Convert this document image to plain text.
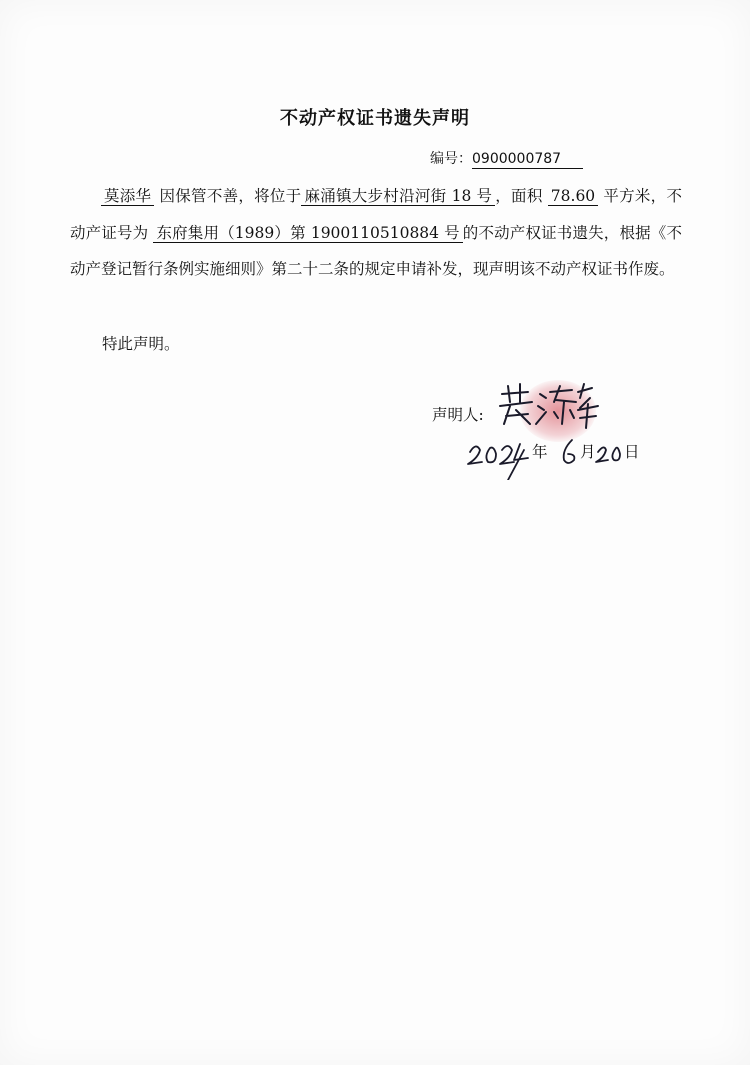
不动产权证书遗失声明
编号：0900000787

莫添华 因保管不善，将位于 麻涌镇大步村沿河街 18 号 ，面积 78.60 平方米，不动产证号为 东府集用（1989）第 1900110510884 号 的不动产权证书遗失，根据《不动产登记暂行条例实施细则》第二十二条的规定申请补发，现声明该不动产权证书作废。

特此声明。
声明人:
年 月 日
